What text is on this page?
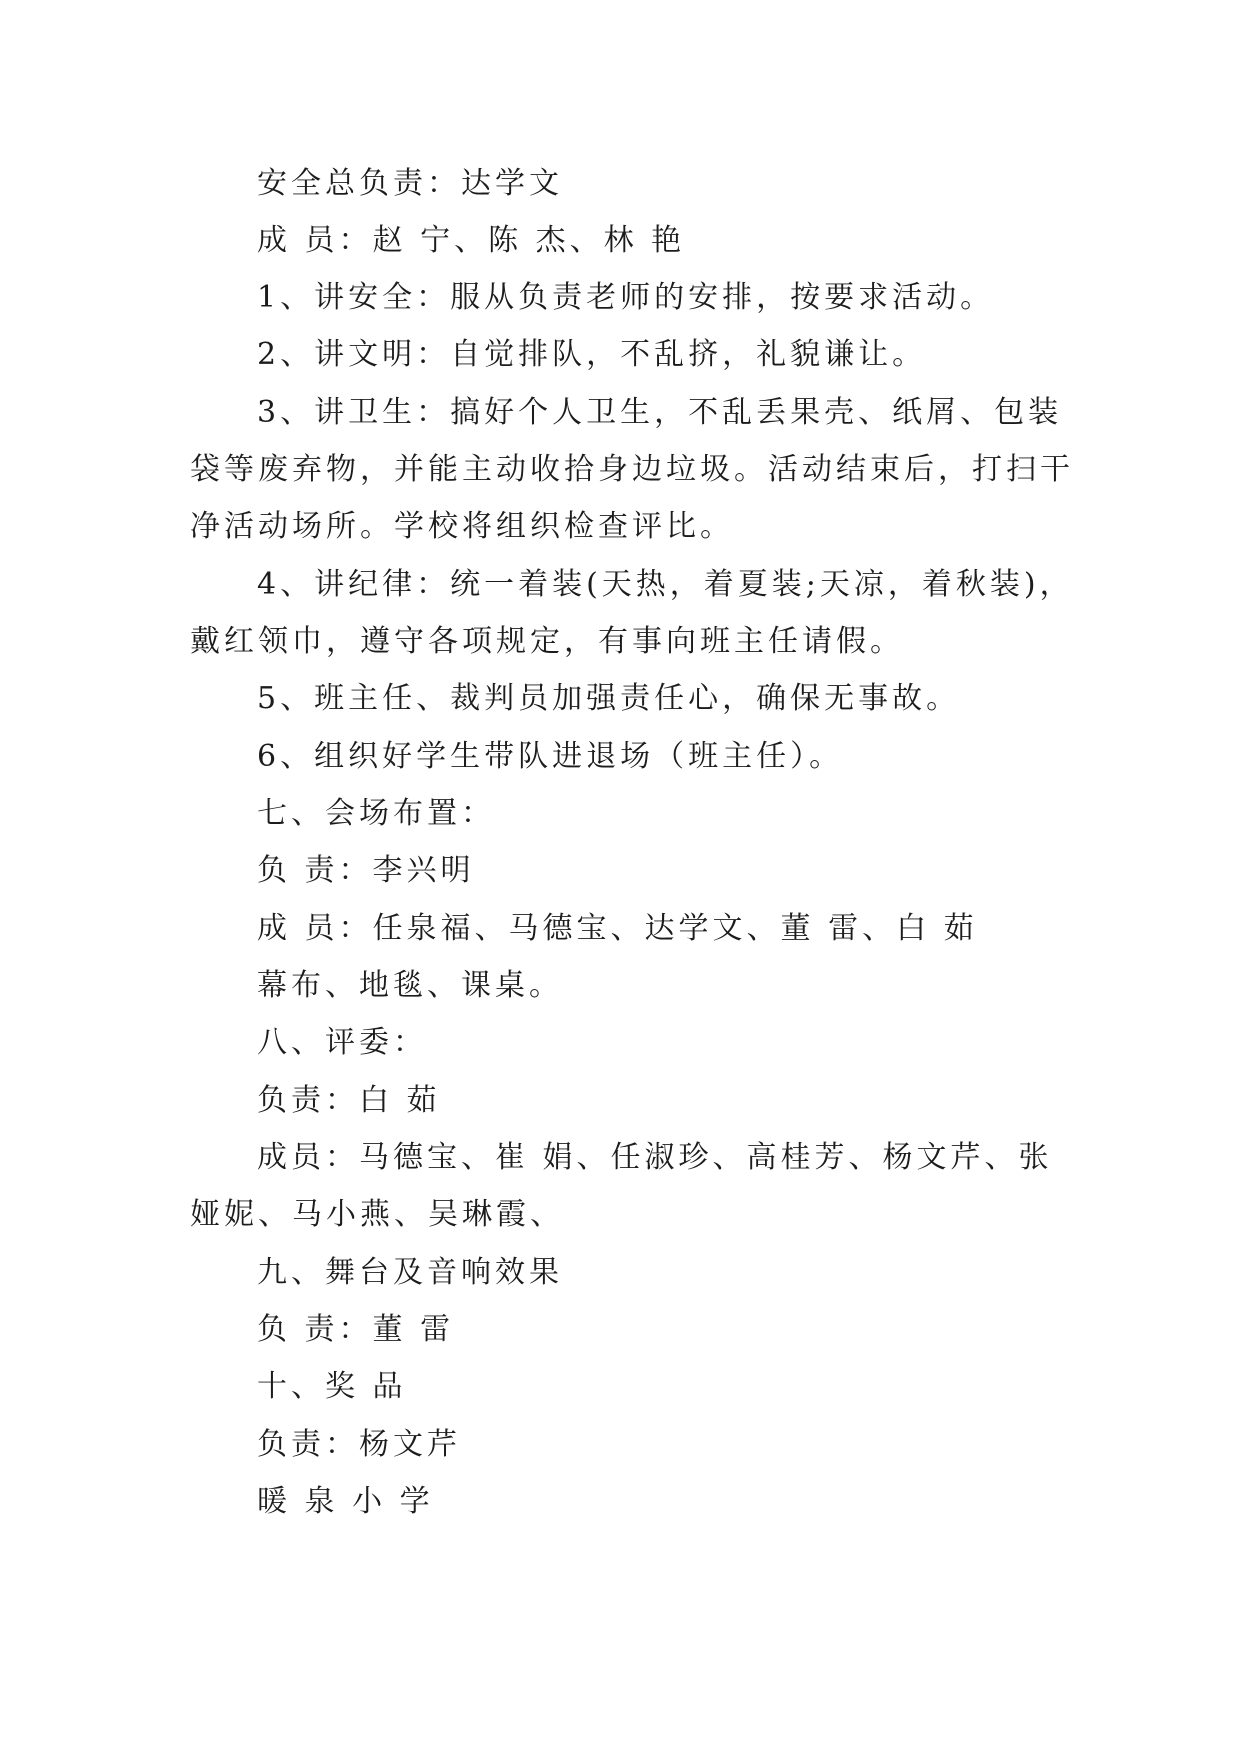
安全总负责：达学文
成 员：赵 宁、陈 杰、林 艳
1、讲安全：服从负责老师的安排，按要求活动。
2、讲文明：自觉排队，不乱挤，礼貌谦让。
3、讲卫生：搞好个人卫生，不乱丢果壳、纸屑、包装
袋等废弃物，并能主动收拾身边垃圾。活动结束后，打扫干
净活动场所。学校将组织检查评比。
4、讲纪律：统一着装(天热，着夏装;天凉，着秋装)，
戴红领巾，遵守各项规定，有事向班主任请假。
5、班主任、裁判员加强责任心，确保无事故。
6、组织好学生带队进退场（班主任）。
七、会场布置：
负 责：李兴明
成 员：任泉福、马德宝、达学文、董 雷、白 茹
幕布、地毯、课桌。
八、评委：
负责：白 茹
成员：马德宝、崔 娟、任淑珍、高桂芳、杨文芹、张
娅妮、马小燕、吴琳霞、
九、舞台及音响效果
负 责：董 雷
十、奖 品
负责：杨文芹
暖 泉 小 学
